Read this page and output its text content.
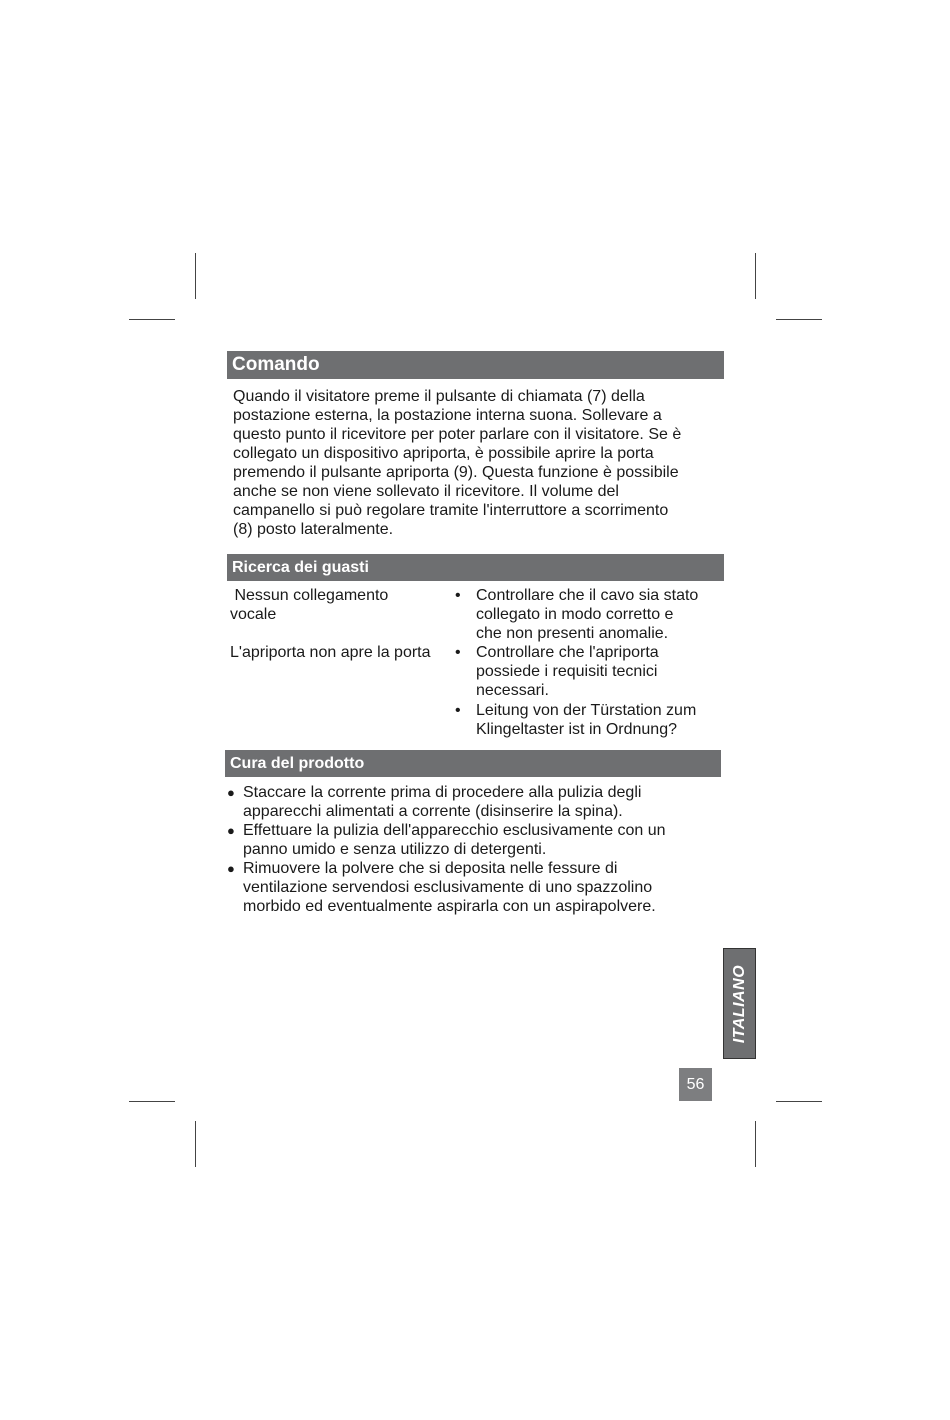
Comando

Quando il visitatore preme il pulsante di chiamata (7) della
postazione esterna, la postazione interna suona. Sollevare a
questo punto il ricevitore per poter parlare con il visitatore. Se è
collegato un dispositivo apriporta, è possibile aprire la porta
premendo il pulsante apriporta (9). Questa funzione è possibile
anche se non viene sollevato il ricevitore. Il volume del
campanello si può regolare tramite l'interruttore a scorrimento
(8) posto lateralmente.

Ricerca dei guasti
Nessun collegamento
vocale
L'apriporta non apre la porta
• Controllare che il cavo sia stato
collegato in modo corretto e
che non presenti anomalie.
• Controllare che l'apriporta
possiede i requisiti tecnici
necessari.
• Leitung von der Türstation zum
Klingeltaster ist in Ordnung?
Cura del prodotto
● Staccare la corrente prima di procedere alla pulizia degli
apparecchi alimentati a corrente (disinserire la spina).
● Effettuare la pulizia dell'apparecchio esclusivamente con un
panno umido e senza utilizzo di detergenti.
● Rimuovere la polvere che si deposita nelle fessure di
ventilazione servendosi esclusivamente di uno spazzolino
morbido ed eventualmente aspirarla con un aspirapolvere.
ITALIANO
56
